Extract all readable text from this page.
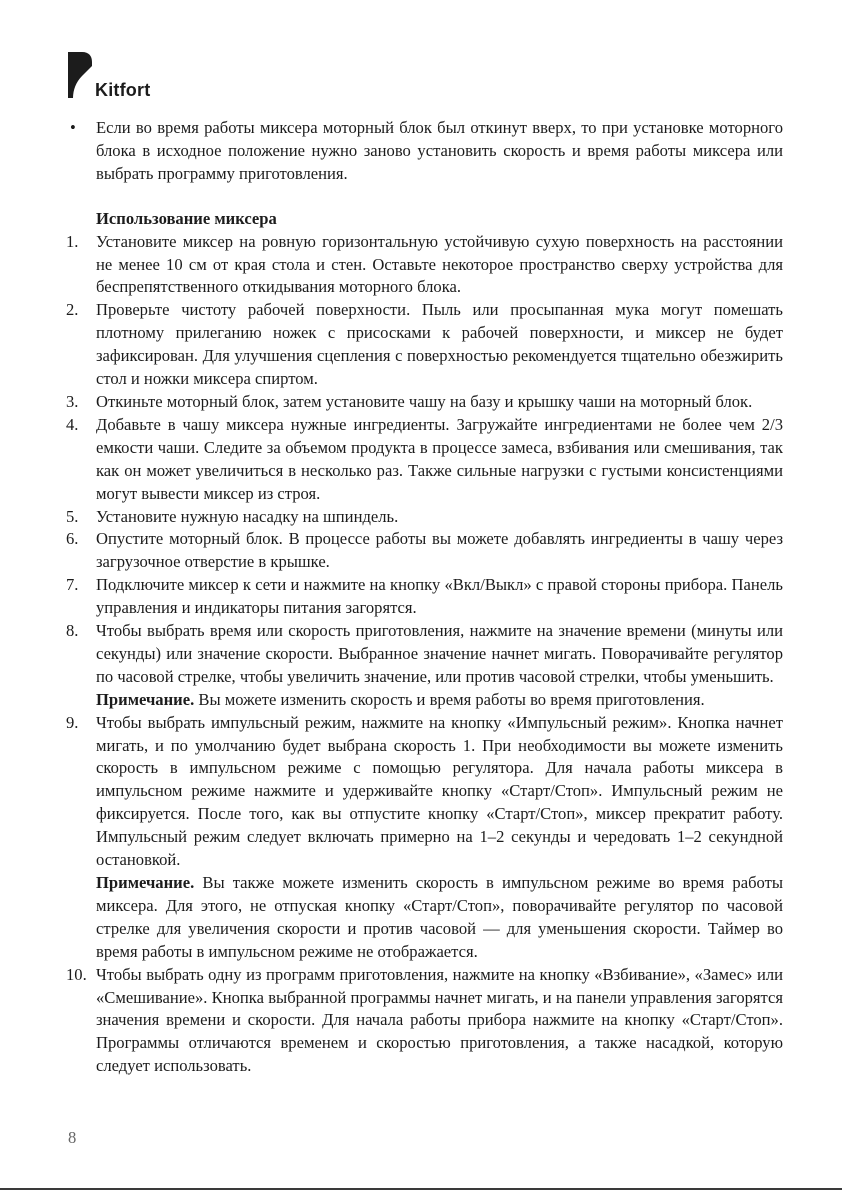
Kitfort
• Если во время работы миксера моторный блок был откинут вверх, то при установке моторного блока в исходное положение нужно заново установить скорость и время работы миксера или выбрать программу приготовления.
Использование миксера
1. Установите миксер на ровную горизонтальную устойчивую сухую поверхность на расстоянии не менее 10 см от края стола и стен. Оставьте некоторое пространство сверху устройства для беспрепятственного откидывания моторного блока.
2. Проверьте чистоту рабочей поверхности. Пыль или просыпанная мука могут помешать плотному прилеганию ножек с присосками к рабочей поверхности, и миксер не будет зафиксирован. Для улучшения сцепления с поверхностью рекомендуется тщательно обезжирить стол и ножки миксера спиртом.
3. Откиньте моторный блок, затем установите чашу на базу и крышку чаши на моторный блок.
4. Добавьте в чашу миксера нужные ингредиенты. Загружайте ингредиентами не более чем 2/3 емкости чаши. Следите за объемом продукта в процессе замеса, взбивания или смешивания, так как он может увеличиться в несколько раз. Также сильные нагрузки с густыми консистенциями могут вывести миксер из строя.
5. Установите нужную насадку на шпиндель.
6. Опустите моторный блок. В процессе работы вы можете добавлять ингредиенты в чашу через загрузочное отверстие в крышке.
7. Подключите миксер к сети и нажмите на кнопку «Вкл/Выкл» с правой стороны прибора. Панель управления и индикаторы питания загорятся.
8. Чтобы выбрать время или скорость приготовления, нажмите на значение времени (минуты или секунды) или значение скорости. Выбранное значение начнет мигать. Поворачивайте регулятор по часовой стрелке, чтобы увеличить значение, или против часовой стрелки, чтобы уменьшить.
Примечание. Вы можете изменить скорость и время работы во время приготовления.
9. Чтобы выбрать импульсный режим, нажмите на кнопку «Импульсный режим». Кнопка начнет мигать, и по умолчанию будет выбрана скорость 1. При необходимости вы можете изменить скорость в импульсном режиме с помощью регулятора. Для начала работы миксера в импульсном режиме нажмите и удерживайте кнопку «Старт/Стоп». Импульсный режим не фиксируется. После того, как вы отпустите кнопку «Старт/Стоп», миксер прекратит работу. Импульсный режим следует включать примерно на 1–2 секунды и чередовать 1–2 секундной остановкой.
Примечание. Вы также можете изменить скорость в импульсном режиме во время работы миксера. Для этого, не отпуская кнопку «Старт/Стоп», поворачивайте регулятор по часовой стрелке для увеличения скорости и против часовой — для уменьшения скорости. Таймер во время работы в импульсном режиме не отображается.
10. Чтобы выбрать одну из программ приготовления, нажмите на кнопку «Взбивание», «Замес» или «Смешивание». Кнопка выбранной программы начнет мигать, и на панели управления загорятся значения времени и скорости. Для начала работы прибора нажмите на кнопку «Старт/Стоп». Программы отличаются временем и скоростью приготовления, а также насадкой, которую следует использовать.
8
